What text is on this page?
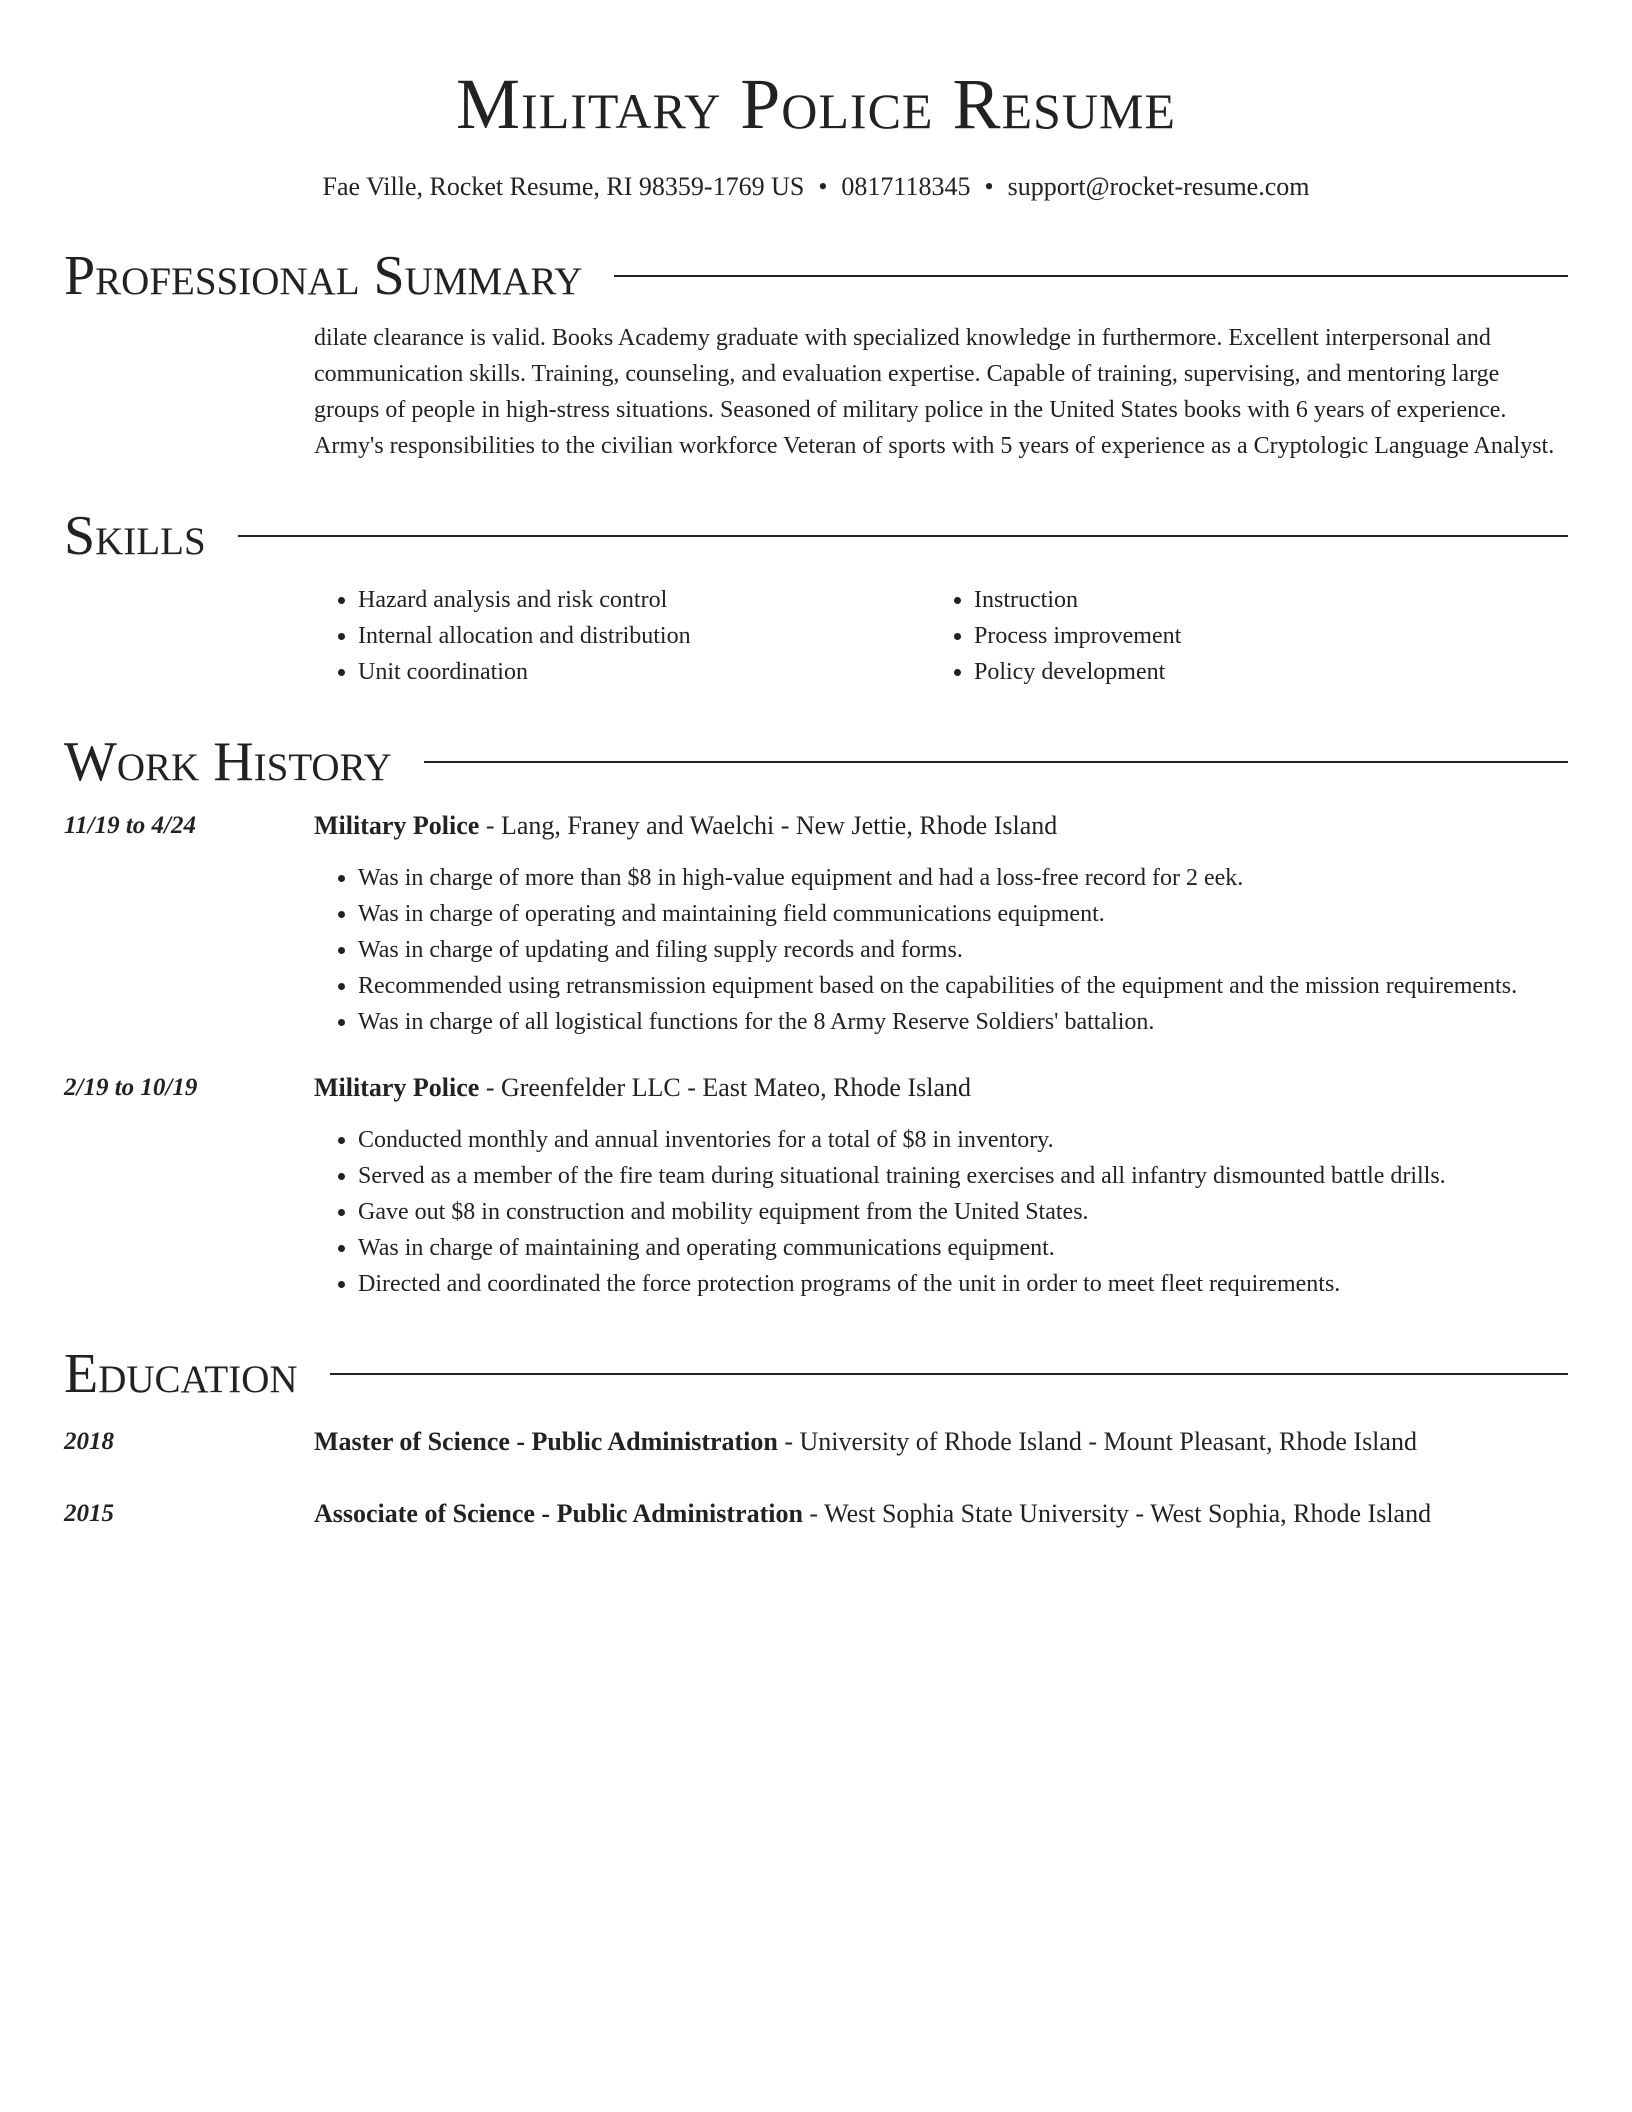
Military Police Resume
Fae Ville, Rocket Resume, RI 98359-1769 US • 0817118345 • support@rocket-resume.com
Professional Summary
dilate clearance is valid. Books Academy graduate with specialized knowledge in furthermore. Excellent interpersonal and communication skills. Training, counseling, and evaluation expertise. Capable of training, supervising, and mentoring large groups of people in high-stress situations. Seasoned of military police in the United States books with 6 years of experience. Army's responsibilities to the civilian workforce Veteran of sports with 5 years of experience as a Cryptologic Language Analyst.
Skills
• Hazard analysis and risk control
• Internal allocation and distribution
• Unit coordination
• Instruction
• Process improvement
• Policy development
Work History
11/19 to 4/24	Military Police - Lang, Franey and Waelchi - New Jettie, Rhode Island
• Was in charge of more than $8 in high-value equipment and had a loss-free record for 2 eek.
• Was in charge of operating and maintaining field communications equipment.
• Was in charge of updating and filing supply records and forms.
• Recommended using retransmission equipment based on the capabilities of the equipment and the mission requirements.
• Was in charge of all logistical functions for the 8 Army Reserve Soldiers' battalion.
2/19 to 10/19	Military Police - Greenfelder LLC - East Mateo, Rhode Island
• Conducted monthly and annual inventories for a total of $8 in inventory.
• Served as a member of the fire team during situational training exercises and all infantry dismounted battle drills.
• Gave out $8 in construction and mobility equipment from the United States.
• Was in charge of maintaining and operating communications equipment.
• Directed and coordinated the force protection programs of the unit in order to meet fleet requirements.
Education
2018	Master of Science - Public Administration - University of Rhode Island - Mount Pleasant, Rhode Island
2015	Associate of Science - Public Administration - West Sophia State University - West Sophia, Rhode Island
